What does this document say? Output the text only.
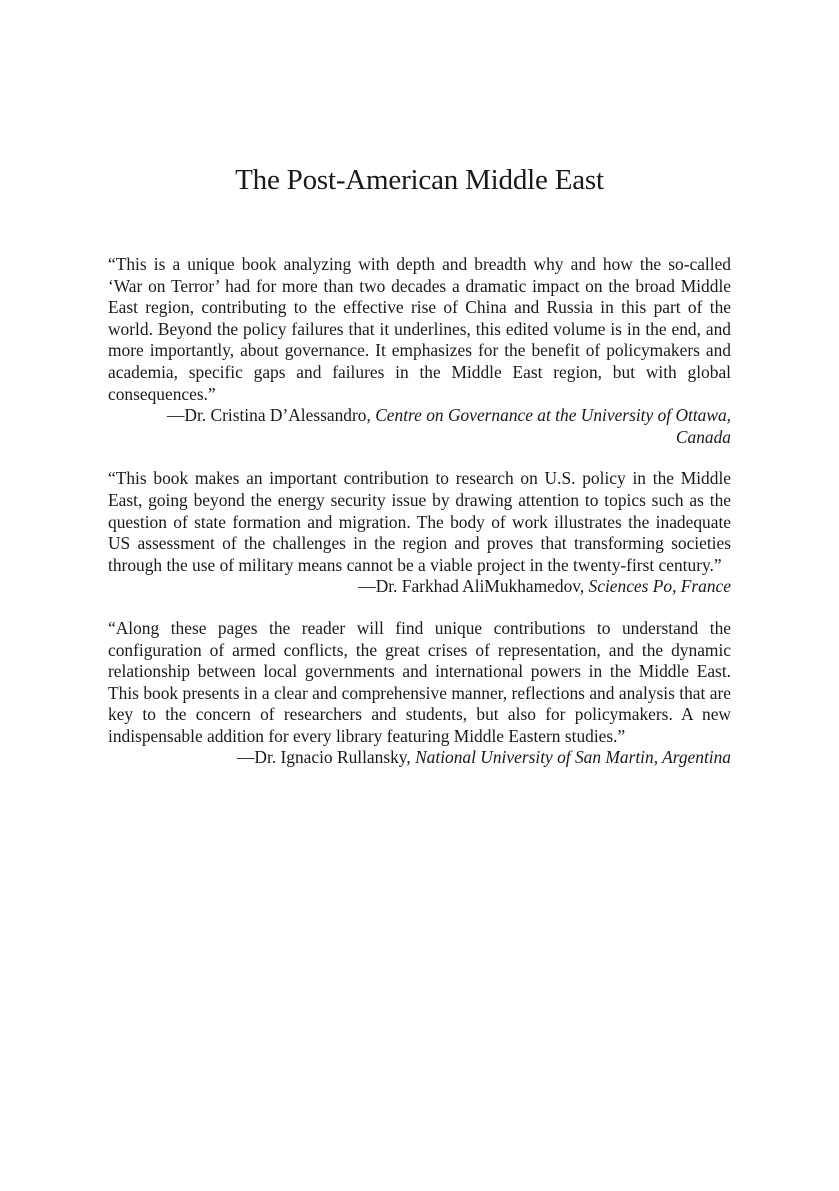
The Post-American Middle East

“This is a unique book analyzing with depth and breadth why and how the so-called ‘War on Terror’ had for more than two decades a dramatic impact on the broad Middle East region, contributing to the effective rise of China and Russia in this part of the world. Beyond the policy failures that it underlines, this edited volume is in the end, and more importantly, about governance. It emphasizes for the benefit of policymakers and academia, specific gaps and failures in the Middle East region, but with global consequences.”

—Dr. Cristina D’Alessandro, Centre on Governance at the University of Ottawa, Canada

“This book makes an important contribution to research on U.S. policy in the Middle East, going beyond the energy security issue by drawing attention to topics such as the question of state formation and migration. The body of work illustrates the inadequate US assessment of the challenges in the region and proves that transforming societies through the use of military means cannot be a viable project in the twenty-first century.”

—Dr. Farkhad AliMukhamedov, Sciences Po, France

“Along these pages the reader will find unique contributions to understand the configuration of armed conflicts, the great crises of representation, and the dynamic relationship between local governments and international powers in the Middle East. This book presents in a clear and comprehensive manner, reflections and analysis that are key to the concern of researchers and students, but also for policymakers. A new indispensable addition for every library featuring Middle Eastern studies.”

—Dr. Ignacio Rullansky, National University of San Martin, Argentina
